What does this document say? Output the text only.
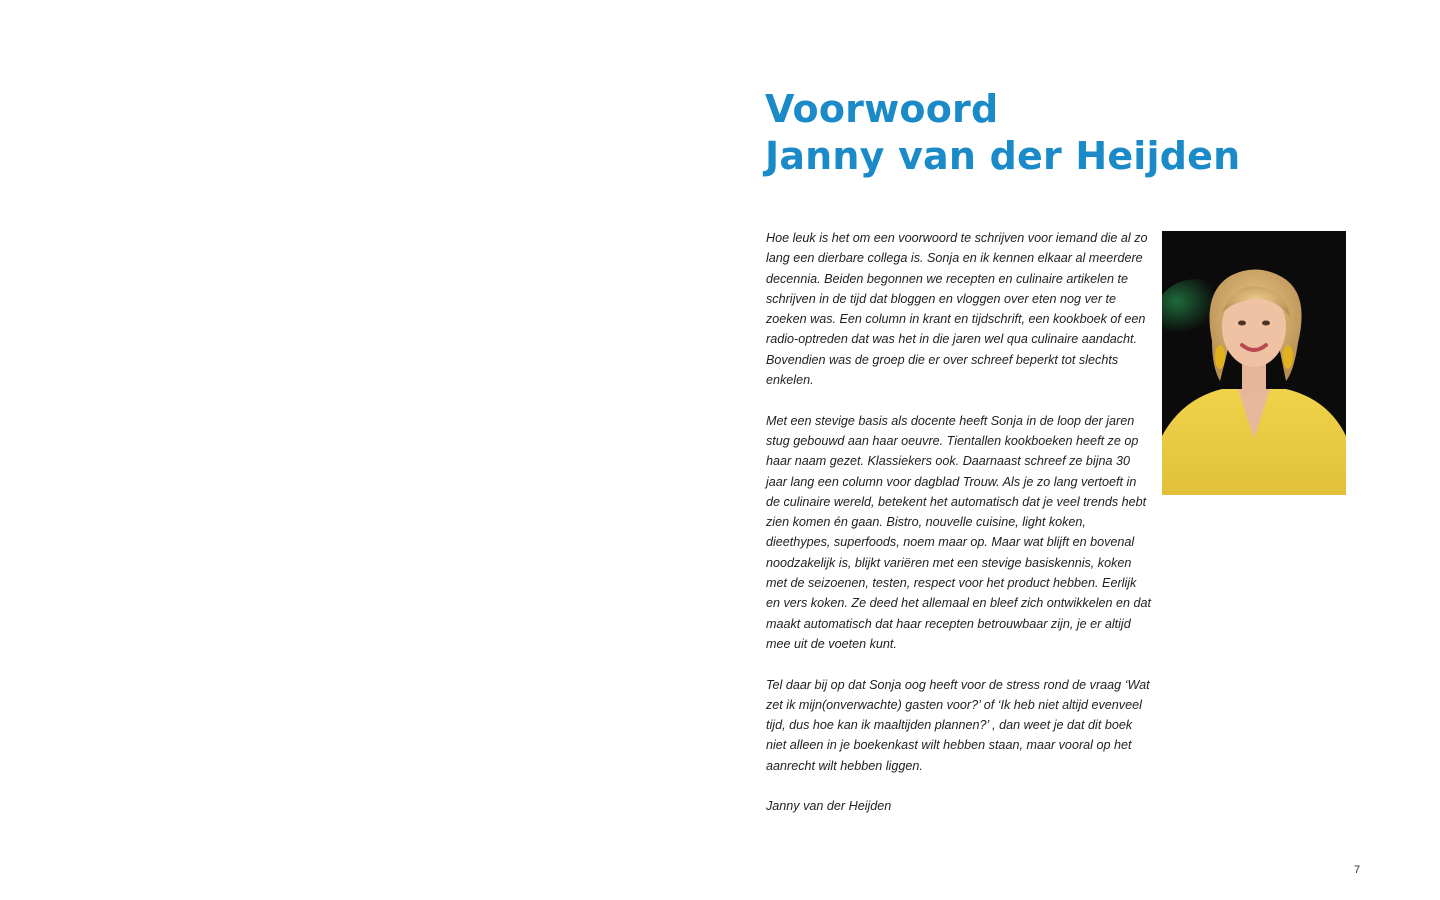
Voorwoord
Janny van der Heijden

Hoe leuk is het om een voorwoord te schrijven voor iemand die al zo lang een dierbare collega is. Sonja en ik kennen elkaar al meerdere decennia. Beiden begonnen we recepten en culinaire artikelen te schrijven in de tijd dat bloggen en vloggen over eten nog ver te zoeken was. Een column in krant en tijdschrift, een kookboek of een radio-optreden dat was het in die jaren wel qua culinaire aandacht. Bovendien was de groep die er over schreef beperkt tot slechts enkelen.

Met een stevige basis als docente heeft Sonja in de loop der jaren stug gebouwd aan haar oeuvre. Tientallen kookboeken heeft ze op haar naam gezet. Klassiekers ook. Daarnaast schreef ze bijna 30 jaar lang een column voor dagblad Trouw. Als je zo lang vertoeft in de culinaire wereld, betekent het automatisch dat je veel trends hebt zien komen én gaan. Bistro, nouvelle cuisine, light koken, dieethypes, superfoods, noem maar op. Maar wat blijft en bovenal noodzakelijk is, blijkt variëren met een stevige basiskennis, koken met de seizoenen, testen, respect voor het product hebben. Eerlijk en vers koken. Ze deed het allemaal en bleef zich ontwikkelen en dat maakt automatisch dat haar recepten betrouwbaar zijn, je er altijd mee uit de voeten kunt.

Tel daar bij op dat Sonja oog heeft voor de stress rond de vraag ‘Wat zet ik mijn(onverwachte) gasten voor?’ of ‘Ik heb niet altijd evenveel tijd, dus hoe kan ik maaltijden plannen?’ , dan weet je dat dit boek niet alleen in je boekenkast wilt hebben staan, maar vooral op het aanrecht wilt hebben liggen.

Janny van der Heijden

7
